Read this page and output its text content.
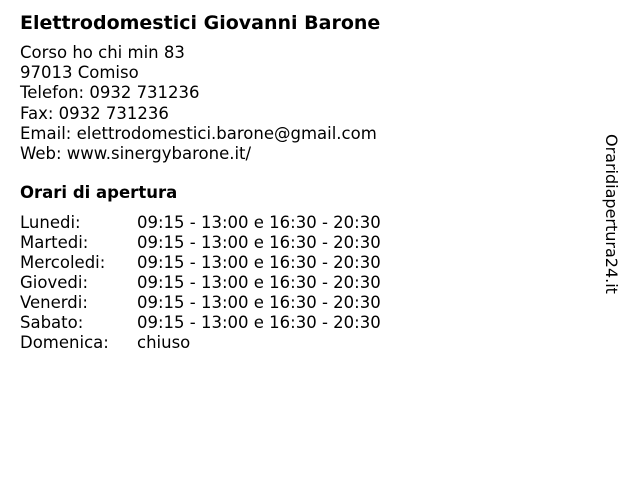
Elettrodomestici Giovanni Barone
Corso ho chi min 83
97013 Comiso
Telefon: 0932 731236
Fax: 0932 731236
Email: elettrodomestici.barone@gmail.com
Web: www.sinergybarone.it/
Orari di apertura
Lunedi:	09:15 - 13:00 e 16:30 - 20:30
Martedi:	09:15 - 13:00 e 16:30 - 20:30
Mercoledi: 09:15 - 13:00 e 16:30 - 20:30
Giovedi:	09:15 - 13:00 e 16:30 - 20:30
Venerdi:	09:15 - 13:00 e 16:30 - 20:30
Sabato:	09:15 - 13:00 e 16:30 - 20:30
Domenica: chiuso
Oraridiapertura24.it
